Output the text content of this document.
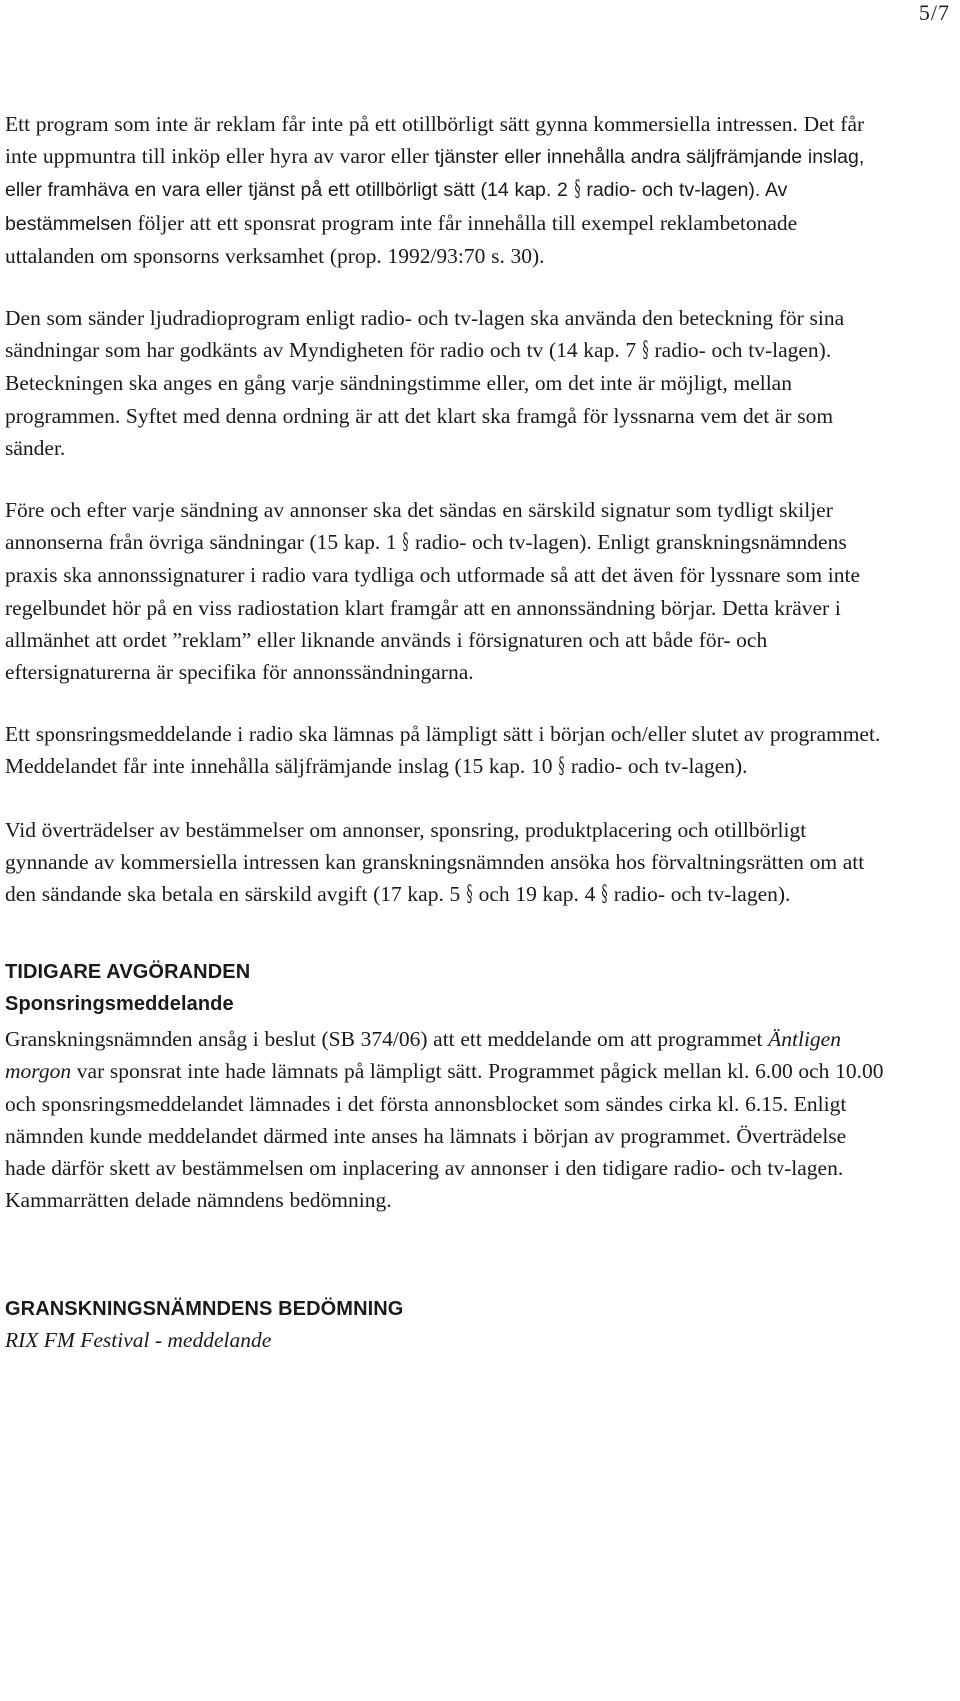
5/7

Ett program som inte är reklam får inte på ett otillbörligt sätt gynna kommersiella intressen. Det får inte uppmuntra till inköp eller hyra av varor eller tjänster eller innehålla andra säljfrämjande inslag, eller framhäva en vara eller tjänst på ett otillbörligt sätt (14 kap. 2 § radio- och tv-lagen). Av bestämmelsen följer att ett sponsrat program inte får innehålla till exempel reklambetonade uttalanden om sponsorns verksamhet (prop. 1992/93:70 s. 30).

Den som sänder ljudradioprogram enligt radio- och tv-lagen ska använda den beteckning för sina sändningar som har godkänts av Myndigheten för radio och tv (14 kap. 7 § radio- och tv-lagen). Beteckningen ska anges en gång varje sändningstimme eller, om det inte är möjligt, mellan programmen. Syftet med denna ordning är att det klart ska framgå för lyssnarna vem det är som sänder.

Före och efter varje sändning av annonser ska det sändas en särskild signatur som tydligt skiljer annonserna från övriga sändningar (15 kap. 1 § radio- och tv-lagen). Enligt granskningsnämndens praxis ska annonssignaturer i radio vara tydliga och utformade så att det även för lyssnare som inte regelbundet hör på en viss radiostation klart framgår att en annonssändning börjar. Detta kräver i allmänhet att ordet ”reklam” eller liknande används i försignaturen och att både för- och eftersignaturerna är specifika för annonssändningarna.

Ett sponsringsmeddelande i radio ska lämnas på lämpligt sätt i början och/eller slutet av programmet. Meddelandet får inte innehålla säljfrämjande inslag (15 kap. 10 § radio- och tv-lagen).

Vid överträdelser av bestämmelser om annonser, sponsring, produktplacering och otillbörligt gynnande av kommersiella intressen kan granskningsnämnden ansöka hos förvaltningsrätten om att den sändande ska betala en särskild avgift (17 kap. 5 § och 19 kap. 4 § radio- och tv-lagen).

TIDIGARE AVGÖRANDEN
Sponsringsmeddelande

Granskningsnämnden ansåg i beslut (SB 374/06) att ett meddelande om att programmet Äntligen morgon var sponsrat inte hade lämnats på lämpligt sätt. Programmet pågick mellan kl. 6.00 och 10.00 och sponsringsmeddelandet lämnades i det första annonsblocket som sändes cirka kl. 6.15. Enligt nämnden kunde meddelandet därmed inte anses ha lämnats i början av programmet. Överträdelse hade därför skett av bestämmelsen om inplacering av annonser i den tidigare radio- och tv-lagen. Kammarrätten delade nämndens bedömning.

GRANSKNINGSNÄMNDENS BEDÖMNING

RIX FM Festival - meddelande
